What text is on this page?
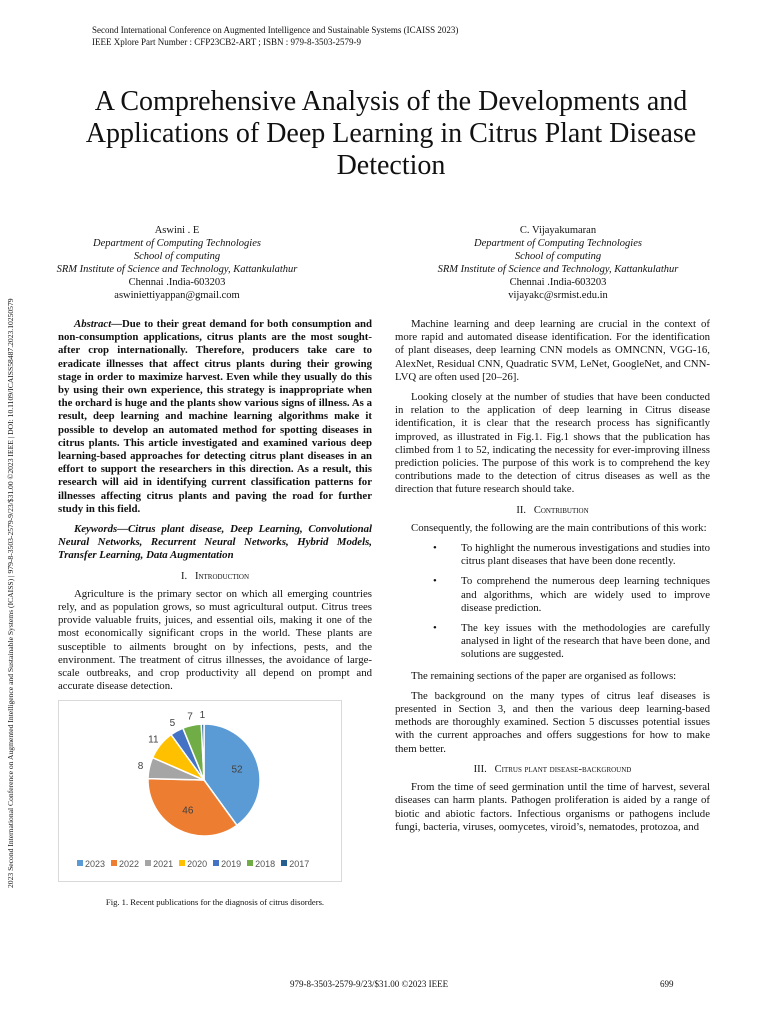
Second International Conference on Augmented Intelligence and Sustainable Systems (ICAISS 2023)
IEEE Xplore Part Number : CFP23CB2-ART ; ISBN : 979-8-3503-2579-9
2023 Second International Conference on Augmented Intelligence and Sustainable Systems (ICAISS) | 979-8-3503-2579-9/23/$31.00 ©2023 IEEE | DOI: 10.1109/ICAISS58487.2023.10250579
A Comprehensive Analysis of the Developments and Applications of Deep Learning in Citrus Plant Disease Detection
Aswini . E
Department of Computing Technologies
School of computing
SRM Institute of Science and Technology, Kattankulathur
Chennai .India-603203
aswiniettiyappan@gmail.com
C. Vijayakumaran
Department of Computing Technologies
School of computing
SRM Institute of Science and Technology, Kattankulathur
Chennai .India-603203
vijayakc@srmist.edu.in

Abstract—Due to their great demand for both consumption and non-consumption applications, citrus plants are the most sought-after crop internationally. Therefore, producers take care to eradicate illnesses that affect citrus plants during their growing stage in order to maximize harvest. Even while they usually do this by using their own experience, this strategy is inappropriate when the orchard is huge and the plants show various signs of illness. As a result, deep learning and machine learning algorithms make it possible to develop an automated method for spotting diseases in citrus plants. This article investigated and examined various deep learning-based approaches for detecting citrus plant diseases in an effort to support the researchers in this direction. As a result, this research will aid in identifying current classification patterns for illnesses affecting citrus plants and paving the road for further study in this field.

Keywords—Citrus plant disease, Deep Learning, Convolutional Neural Networks, Recurrent Neural Networks, Hybrid Models, Transfer Learning, Data Augmentation

I. Introduction

Agriculture is the primary sector on which all emerging countries rely, and as population grows, so must agricultural output. Citrus trees provide valuable fruits, juices, and essential oils, making it one of the most economically significant crops in the world. These plants are susceptible to ailments brought on by infections, pests, and the environment. The treatment of citrus illnesses, the avoidance of large-scale outbreaks, and crop productivity all depend on prompt and accurate disease detection.

52
46
8
11
5
7 1
2023 2022 2021 2020 2019 2018 2017
Fig. 1. Recent publications for the diagnosis of citrus disorders.

Machine learning and deep learning are crucial in the context of more rapid and automated disease identification. For the identification of plant diseases, deep learning CNN models as OMNCNN, VGG-16, AlexNet, Residual CNN, Quadratic SVM, LeNet, GoogleNet, and CNN-LVQ are often used [20–26].

Looking closely at the number of studies that have been conducted in relation to the application of deep learning in Citrus disease identification, it is clear that the research process has significantly improved, as illustrated in Fig.1. Fig.1 shows that the publication has climbed from 1 to 52, indicating the necessity for ever-improving illness prediction policies. The purpose of this work is to comprehend the key contributions made to the detection of citrus diseases as well as the direction that future research should take.

II. Contribution

Consequently, the following are the main contributions of this work:

• To highlight the numerous investigations and studies into citrus plant diseases that have been done recently.
• To comprehend the numerous deep learning techniques and algorithms, which are widely used to improve disease prediction.
• The key issues with the methodologies are carefully analysed in light of the research that have been done, and solutions are suggested.

The remaining sections of the paper are organised as follows:

The background on the many types of citrus leaf diseases is presented in Section 3, and then the various deep learning-based methods are thoroughly examined. Section 5 discusses potential issues with the current approaches and offers suggestions for how to make them better.

III. Citrus plant disease-background

From the time of seed germination until the time of harvest, several diseases can harm plants. Pathogen proliferation is aided by a range of biotic and abiotic factors. Infectious organisms or pathogens include fungi, bacteria, viruses, oomycetes, viroid’s, nematodes, protozoa, and

979-8-3503-2579-9/23/$31.00 ©2023 IEEE	699
